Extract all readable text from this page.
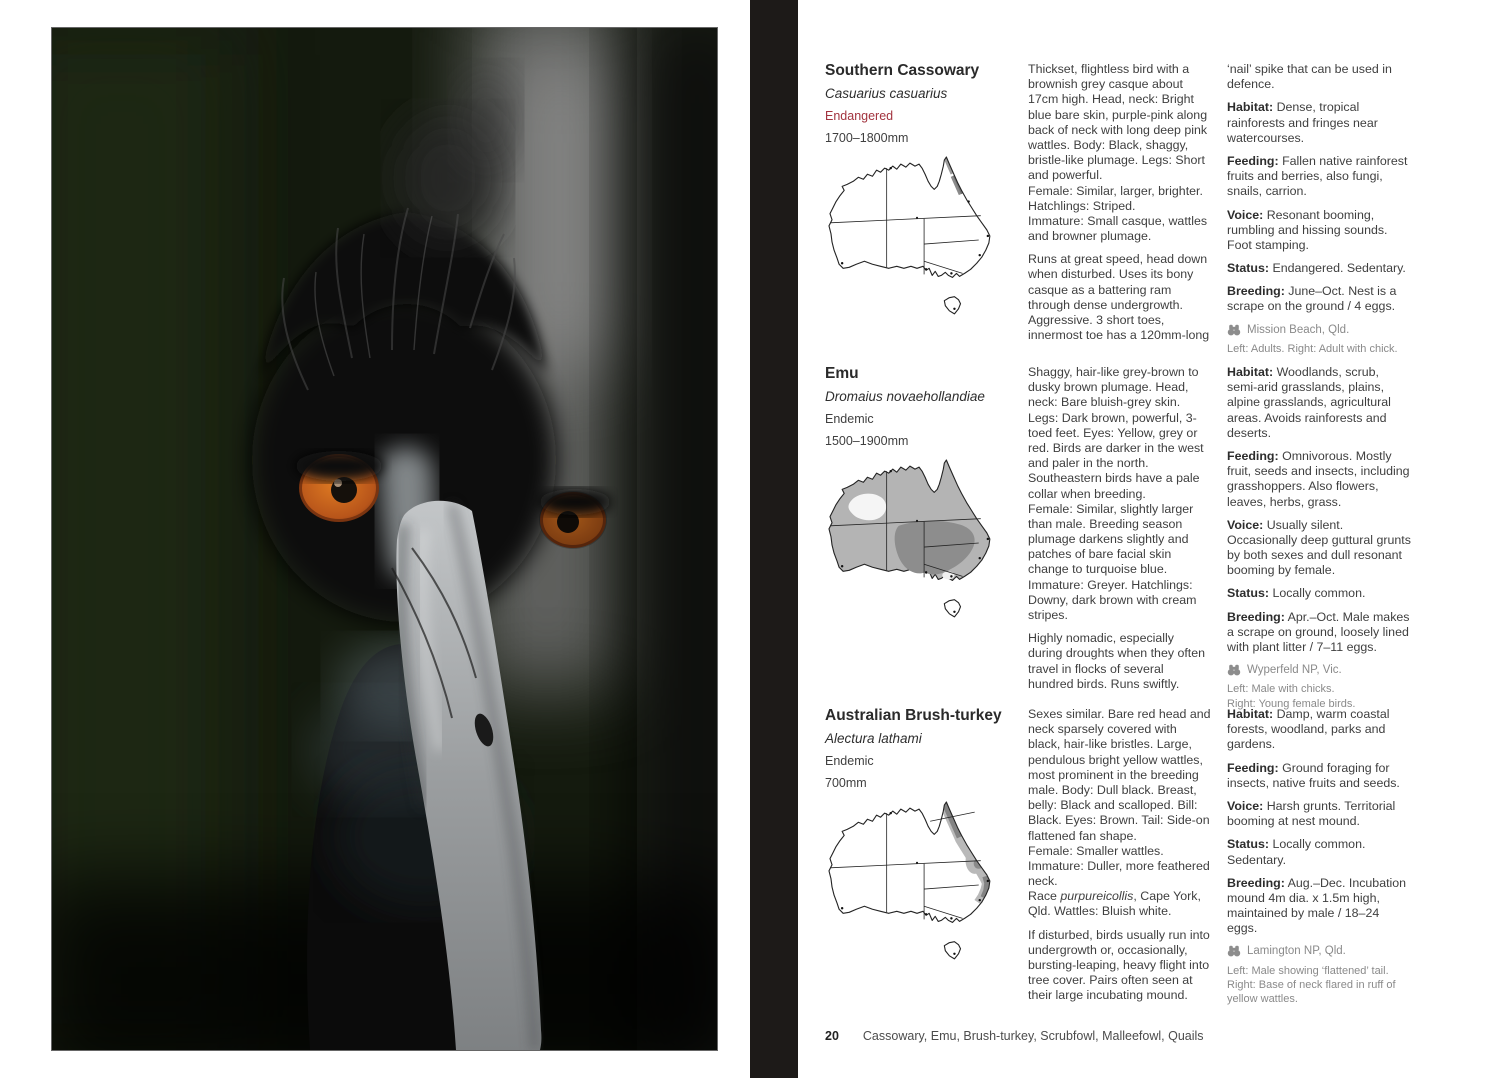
Southern Cassowary
Casuarius casuarius
Endangered
1700–1800mm

Thickset, flightless bird with a brownish grey casque about 17cm high. Head, neck: Bright blue bare skin, purple-pink along back of neck with long deep pink wattles. Body: Black, shaggy, bristle-like plumage. Legs: Short and powerful.
Female: Similar, larger, brighter.
Hatchlings: Striped.
Immature: Small casque, wattles and browner plumage.

Runs at great speed, head down when disturbed. Uses its bony casque as a battering ram through dense undergrowth. Aggressive. 3 short toes, innermost toe has a 120mm-long

‘nail’ spike that can be used in defence.

Habitat: Dense, tropical rainforests and fringes near watercourses.

Feeding: Fallen native rainforest fruits and berries, also fungi, snails, carrion.

Voice: Resonant booming, rumbling and hissing sounds. Foot stamping.

Status: Endangered. Sedentary.

Breeding: June–Oct. Nest is a scrape on the ground / 4 eggs.

Mission Beach, Qld.
Left: Adults. Right: Adult with chick.
Emu
Dromaius novaehollandiae
Endemic
1500–1900mm

Shaggy, hair-like grey-brown to dusky brown plumage. Head, neck: Bare bluish-grey skin. Legs: Dark brown, powerful, 3-toed feet. Eyes: Yellow, grey or red. Birds are darker in the west and paler in the north. Southeastern birds have a pale collar when breeding.
Female: Similar, slightly larger than male. Breeding season plumage darkens slightly and patches of bare facial skin change to turquoise blue.
Immature: Greyer. Hatchlings: Downy, dark brown with cream stripes.

Highly nomadic, especially during droughts when they often travel in flocks of several hundred birds. Runs swiftly.

Habitat: Woodlands, scrub, semi-arid grasslands, plains, alpine grasslands, agricultural areas. Avoids rainforests and deserts.

Feeding: Omnivorous. Mostly fruit, seeds and insects, including grasshoppers. Also flowers, leaves, herbs, grass.

Voice: Usually silent. Occasionally deep guttural grunts by both sexes and dull resonant booming by female.

Status: Locally common.

Breeding: Apr.–Oct. Male makes a scrape on ground, loosely lined with plant litter / 7–11 eggs.

Wyperfeld NP, Vic.
Left: Male with chicks.
Right: Young female birds.
Australian Brush-turkey
Alectura lathami
Endemic
700mm

Sexes similar. Bare red head and neck sparsely covered with black, hair-like bristles. Large, pendulous bright yellow wattles, most prominent in the breeding male. Body: Dull black. Breast, belly: Black and scalloped. Bill: Black. Eyes: Brown. Tail: Side-on flattened fan shape.
Female: Smaller wattles.
Immature: Duller, more feathered neck.
Race purpureicollis, Cape York, Qld. Wattles: Bluish white.

If disturbed, birds usually run into undergrowth or, occasionally, bursting-leaping, heavy flight into tree cover. Pairs often seen at their large incubating mound.

Habitat: Damp, warm coastal forests, woodland, parks and gardens.

Feeding: Ground foraging for insects, native fruits and seeds.

Voice: Harsh grunts. Territorial booming at nest mound.

Status: Locally common. Sedentary.

Breeding: Aug.–Dec. Incubation mound 4m dia. x 1.5m high, maintained by male / 18–24 eggs.

Lamington NP, Qld.
Left: Male showing ‘flattened’ tail.
Right: Base of neck flared in ruff of yellow wattles.
20 Cassowary, Emu, Brush-turkey, Scrubfowl, Malleefowl, Quails
